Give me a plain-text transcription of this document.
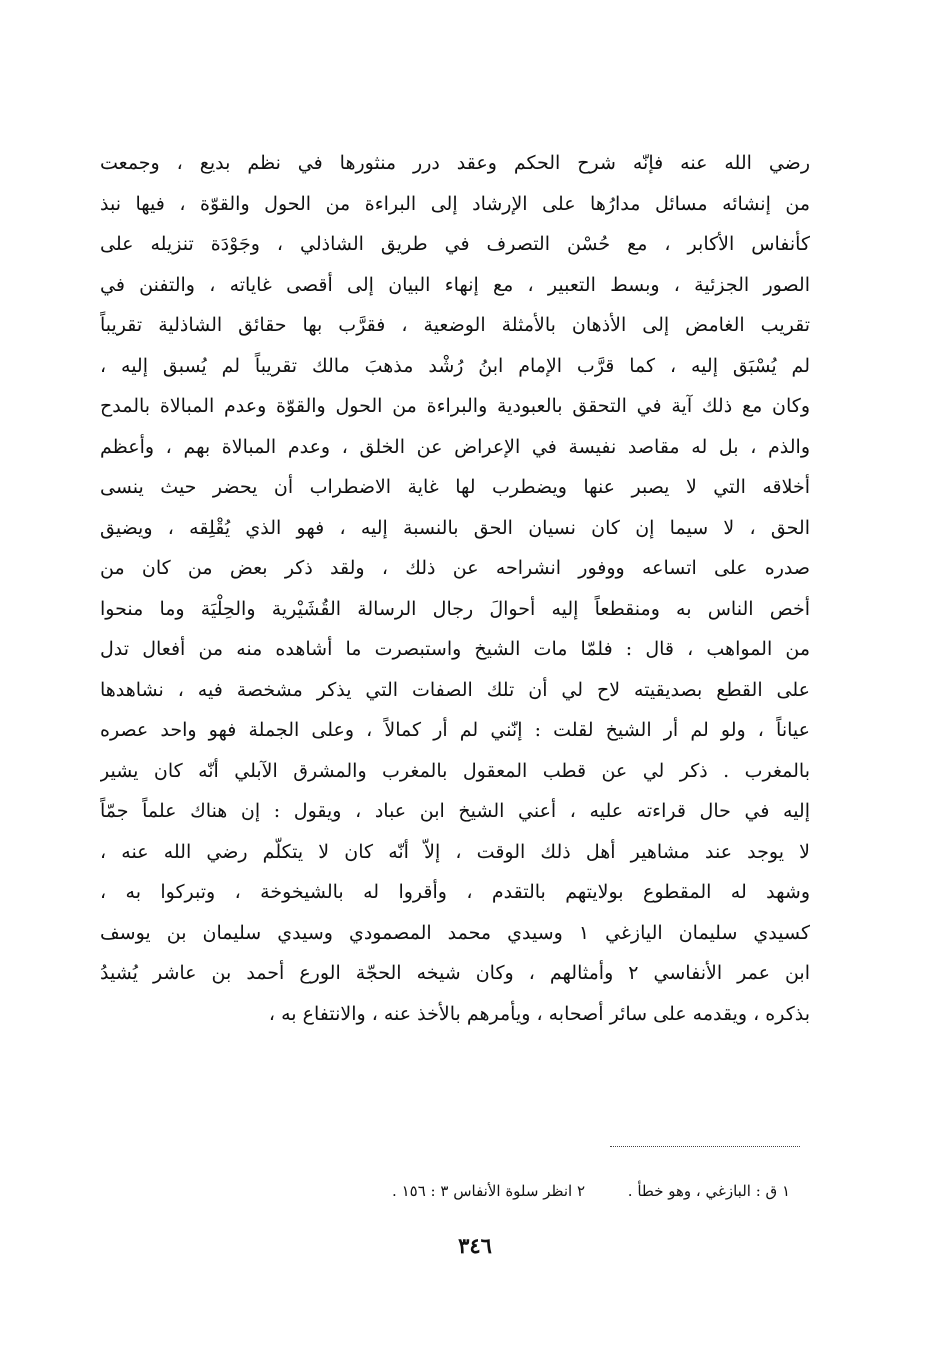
رضي الله عنه فإنّه شرح الحكم وعقد درر منثورها في نظم بديع ، وجمعت
من إنشائه مسائل مدارُها على الإرشاد إلى البراءة من الحول والقوّة ، فيها نبذ
كأنفاس الأكابر ، مع حُسْن التصرف في طريق الشاذلي ، وجَوْدَة تنزيله على
الصور الجزئية ، وبسط التعبير ، مع إنهاء البيان إلى أقصى غاياته ، والتفنن في
تقريب الغامض إلى الأذهان بالأمثلة الوضعية ، فقرَّب بها حقائق الشاذلية تقريباً
لم يُسْبَق إليه ، كما قرَّب الإمام ابنُ رُشْد مذهبَ مالك تقريباً لم يُسبق إليه ،
وكان مع ذلك آية في التحقق بالعبودية والبراءة من الحول والقوّة وعدم المبالاة بالمدح
والذم ، بل له مقاصد نفيسة في الإعراض عن الخلق ، وعدم المبالاة بهم ، وأعظم
أخلاقه التي لا يصبر عنها ويضطرب لها غاية الاضطراب أن يحضر حيث ينسى
الحق ، لا سيما إن كان نسيان الحق بالنسبة إليه ، فهو الذي يُقْلِقه ، ويضيق
صدره على اتساعه ووفور انشراحه عن ذلك ، ولقد ذكر بعض من كان من
أخص الناس به ومنقطعاً إليه أحوالَ رجال الرسالة القُشَيْرية والحِلْيَة وما منحوا
من المواهب ، قال : فلمّا مات الشيخ واستبصرت ما أشاهده منه من أفعال تدل
على القطع بصديقيته لاح لي أن تلك الصفات التي يذكر مشخصة فيه ، نشاهدها
عياناً ، ولو لم أر الشيخ لقلت : إنّني لم أر كمالاً ، وعلى الجملة فهو واحد عصره
بالمغرب . ذكر لي عن قطب المعقول بالمغرب والمشرق الآبلي أنّه كان يشير
إليه في حال قراءته عليه ، أعني الشيخ ابن عباد ، ويقول : إن هناك علماً جمّاً
لا يوجد عند مشاهير أهل ذلك الوقت ، إلاّ أنّه كان لا يتكلّم رضي الله عنه ،
وشهد له المقطوع بولايتهم بالتقدم ، وأقروا له بالشيخوخة ، وتبركوا به ،
كسيدي سليمان اليازغي ١ وسيدي محمد المصمودي وسيدي سليمان بن يوسف
ابن عمر الأنفاسي ٢ وأمثالهم ، وكان شيخه الحجّة الورع أحمد بن عاشر يُشيدُ
بذكره ، ويقدمه على سائر أصحابه ، ويأمرهم بالأخذ عنه ، والانتفاع به ،
١ ق : البازغي ، وهو خطأ .
٢ انظر سلوة الأنفاس ٣ : ١٥٦ .
٣٤٦
